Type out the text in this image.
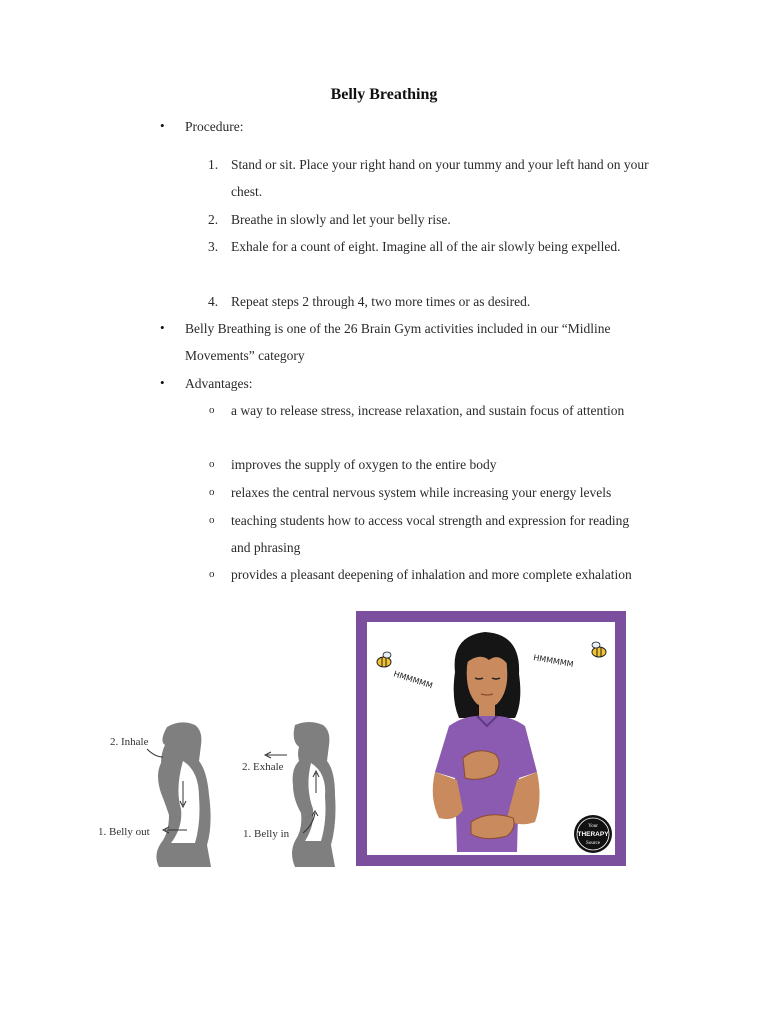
Belly Breathing
• Procedure:
1. Stand or sit. Place your right hand on your tummy and your left hand on your chest.
2. Breathe in slowly and let your belly rise.
3. Exhale for a count of eight. Imagine all of the air slowly being expelled.
4. Repeat steps 2 through 4, two more times or as desired.
• Belly Breathing is one of the 26 Brain Gym activities included in our “Midline Movements” category
• Advantages:
o a way to release stress, increase relaxation, and sustain focus of attention
o improves the supply of oxygen to the entire body
o relaxes the central nervous system while increasing your energy levels
o teaching students how to access vocal strength and expression for reading and phrasing
o provides a pleasant deepening of inhalation and more complete exhalation
2. Inhale
1. Belly out
2. Exhale
1. Belly in
HMMMMM
HMMMMM
Your
THERAPY
Source
